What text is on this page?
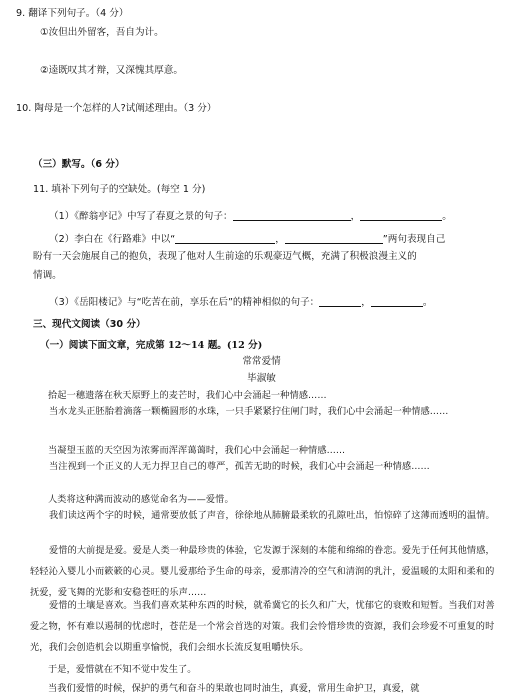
9. 翻译下列句子。（4 分）
①汝但出外留客，吾自为计。
②逵既叹其才辩，又深愧其厚意。
10. 陶母是一个怎样的人?试阐述理由。（3 分）
（三）默写。（6 分）
11. 填补下列句子的空缺处。(每空 1 分)
（1）《醉翁亭记》中写了春夏之景的句子：	，	。
（2）李白在《行路难》中以“	，	”两句表现自己
盼有一天会施展自己的抱负，表现了他对人生前途的乐观豪迈气概，充满了积极浪漫主义的
情调。
（3）《岳阳楼记》与“吃苦在前，享乐在后”的精神相似的句子：	，	。
三、现代文阅读（30 分）
（一）阅读下面文章，完成第 12～14 题。(12 分)
常常爱情
毕淑敏
拾起一穗遗落在秋天原野上的麦芒时，我们心中会涌起一种情感……
当水龙头正胚胎着滴落一颗椭圆形的水珠，一只手紧紧拧住闸门时，我们心中会涌起一种情感……
当凝望玉蓝的天空因为浓雾而浑浑蔼蔼时，我们心中会涌起一种情感……
当注视到一个正义的人无力捍卫自己的尊严，孤苦无助的时候，我们心中会涌起一种情感……
人类将这种满而波动的感觉命名为——爱惜。
我们读这两个字的时候，通常要放低了声音，徐徐地从肺腑最柔软的孔隙吐出，怕惊碎了这薄而透明的温情。
爱惜的大前提是爱。爱是人类一种最珍贵的体验，它发源于深刻的本能和绵绵的眷恋。爱先于任何其他情感，轻轻沁入婴儿小而簌簌的心灵。婴儿爱那给予生命的母亲，爱那清冷的空气和清润的乳汁，爱温暖的太阳和柔和的抚爱，爱飞舞的光影和安稳苍旺的乐声……
爱惜的土壤是喜欢。当我们喜欢某种东西的时候，就希冀它的长久和广大，忧郁它的衰败和短暂。当我们对善爱之物，怀有难以遏制的忧虑时，苍茫是一个常会首选的对策。我们会怜惜珍贵的资源，我们会珍爱不可重复的时光，我们会创造机会以期重享愉悦，我们会细水长流反复咀嚼快乐。
于是，爱惜就在不知不觉中发生了。
当我们爱惜的时候，保护的勇气和奋斗的果敢也同时油生，真爱，常用生命护卫，真爱，就
